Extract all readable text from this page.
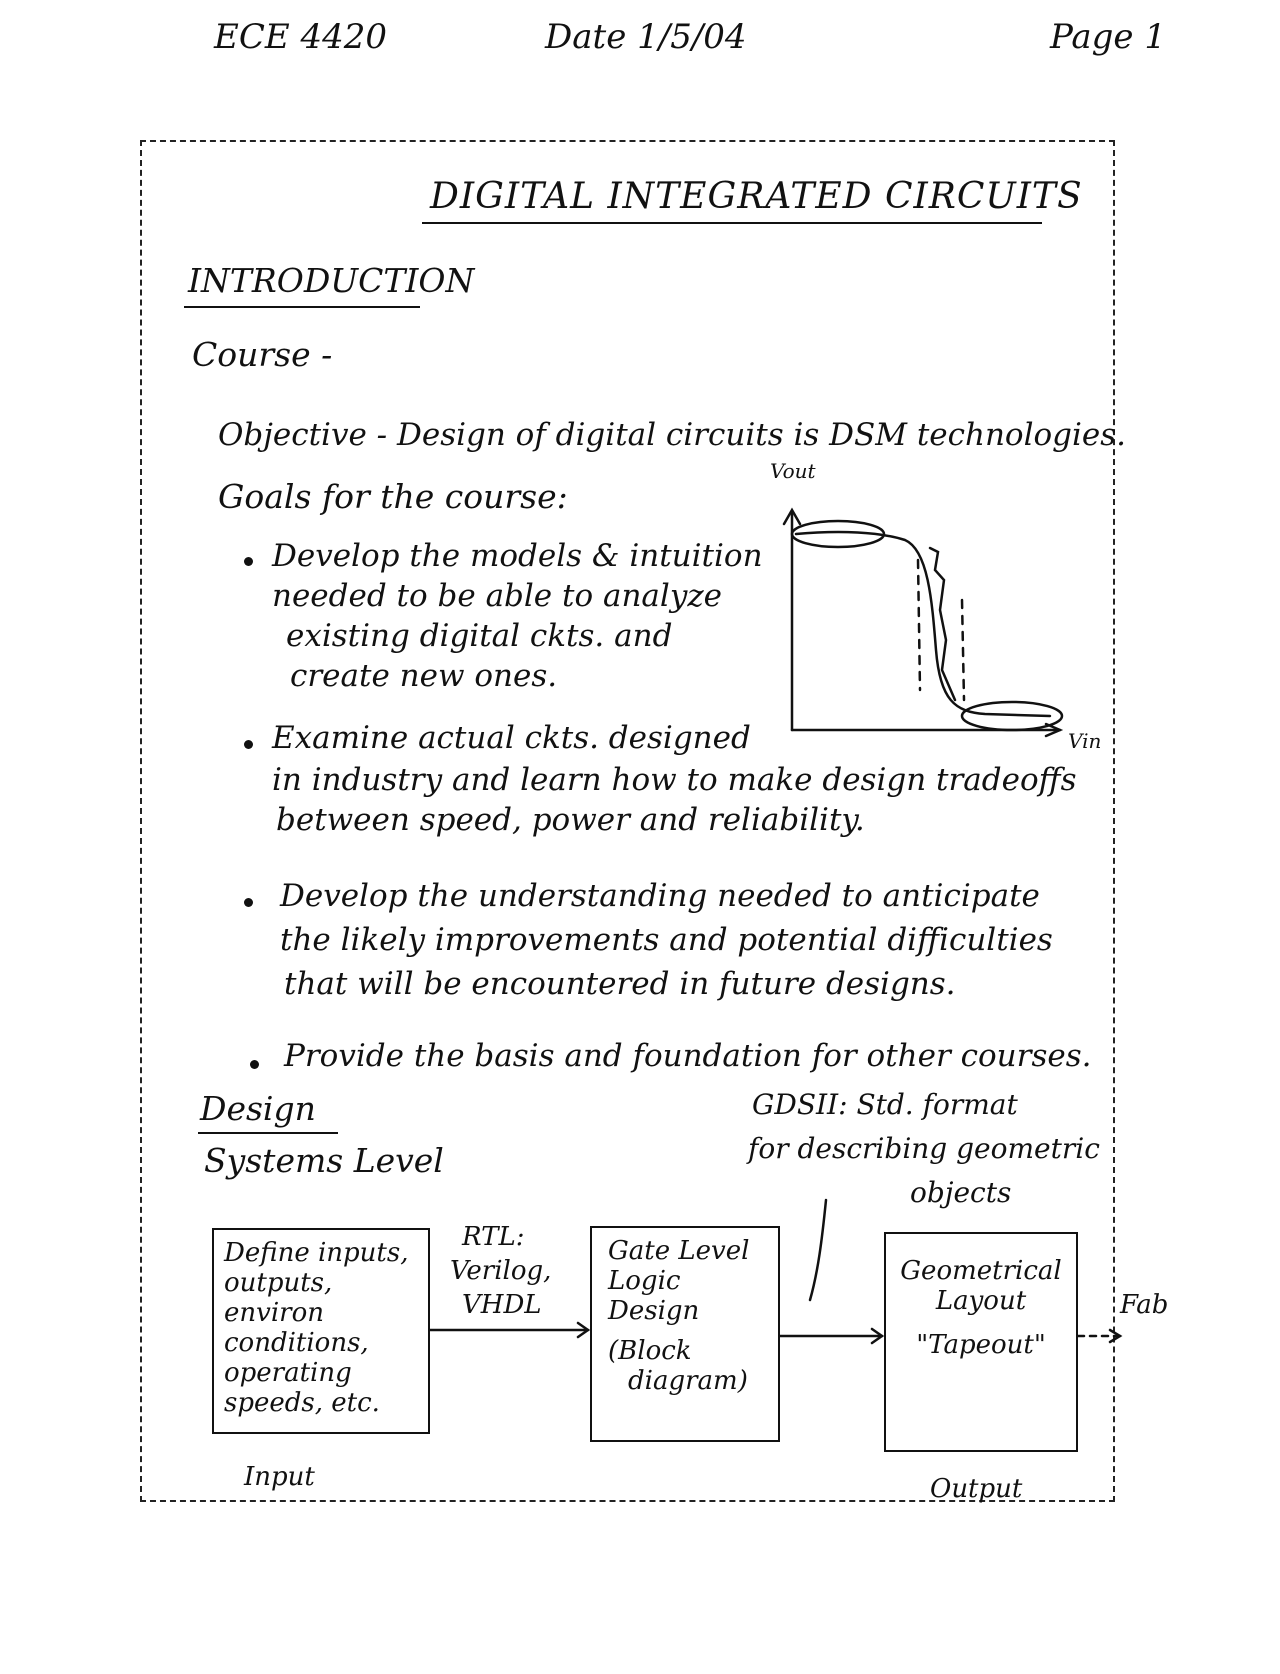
ECE 4420	Date 1/5/04	Page 1
DIGITAL INTEGRATED CIRCUITS
INTRODUCTION
Course -
Objective - Design of digital circuits is DSM technologies.
Goals for the course:
Develop the models & intuition
needed to be able to analyze
existing digital ckts. and
create new ones.
Examine actual ckts. designed
in industry and learn how to make design tradeoffs
between speed, power and reliability.
Develop the understanding needed to anticipate
the likely improvements and potential difficulties
that will be encountered in future designs.
Provide the basis and foundation for other courses.
Vout
Vin
Design
Systems Level
GDSII: Std. format
for describing geometric
objects
Define inputs,
outputs, environ
conditions,
operating
speeds, etc.
RTL:
Verilog,
VHDL
Gate Level
Logic Design
(Block
diagram)
Geometrical
Layout
"Tapeout"
Fab
Input	Output
